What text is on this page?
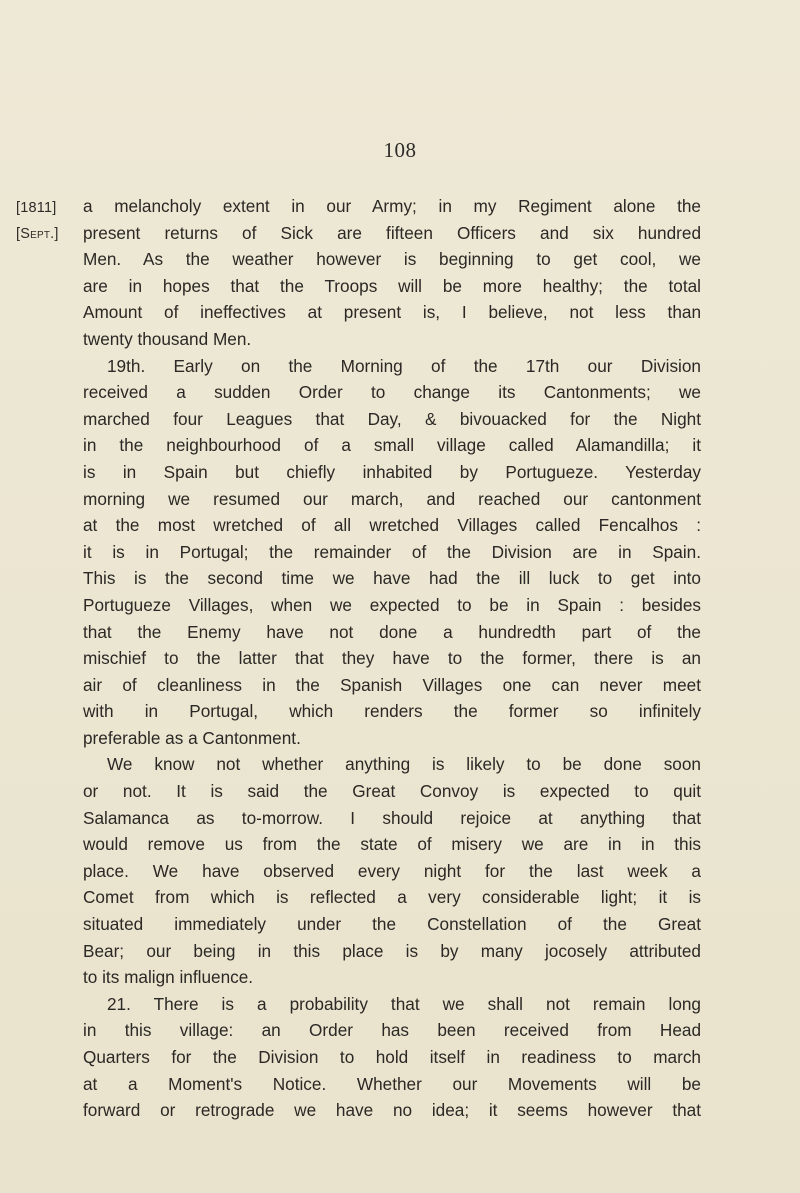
108
[1811]
[Sept.]
a melancholy extent in our Army; in my Regiment alone the
present returns of Sick are fifteen Officers and six hundred
Men. As the weather however is beginning to get cool, we
are in hopes that the Troops will be more healthy; the total
Amount of ineffectives at present is, I believe, not less than
twenty thousand Men.
19th. Early on the Morning of the 17th our Division
received a sudden Order to change its Cantonments; we
marched four Leagues that Day, & bivouacked for the Night
in the neighbourhood of a small village called Alamandilla; it
is in Spain but chiefly inhabited by Portugueze. Yesterday
morning we resumed our march, and reached our cantonment
at the most wretched of all wretched Villages called Fencalhos :
it is in Portugal; the remainder of the Division are in Spain.
This is the second time we have had the ill luck to get into
Portugueze Villages, when we expected to be in Spain : besides
that the Enemy have not done a hundredth part of the
mischief to the latter that they have to the former, there is an
air of cleanliness in the Spanish Villages one can never meet
with in Portugal, which renders the former so infinitely
preferable as a Cantonment.
We know not whether anything is likely to be done soon
or not. It is said the Great Convoy is expected to quit
Salamanca as to-morrow. I should rejoice at anything that
would remove us from the state of misery we are in in this
place. We have observed every night for the last week a
Comet from which is reflected a very considerable light; it is
situated immediately under the Constellation of the Great
Bear; our being in this place is by many jocosely attributed
to its malign influence.
21. There is a probability that we shall not remain long
in this village: an Order has been received from Head
Quarters for the Division to hold itself in readiness to march
at a Moment's Notice. Whether our Movements will be
forward or retrograde we have no idea; it seems however that
